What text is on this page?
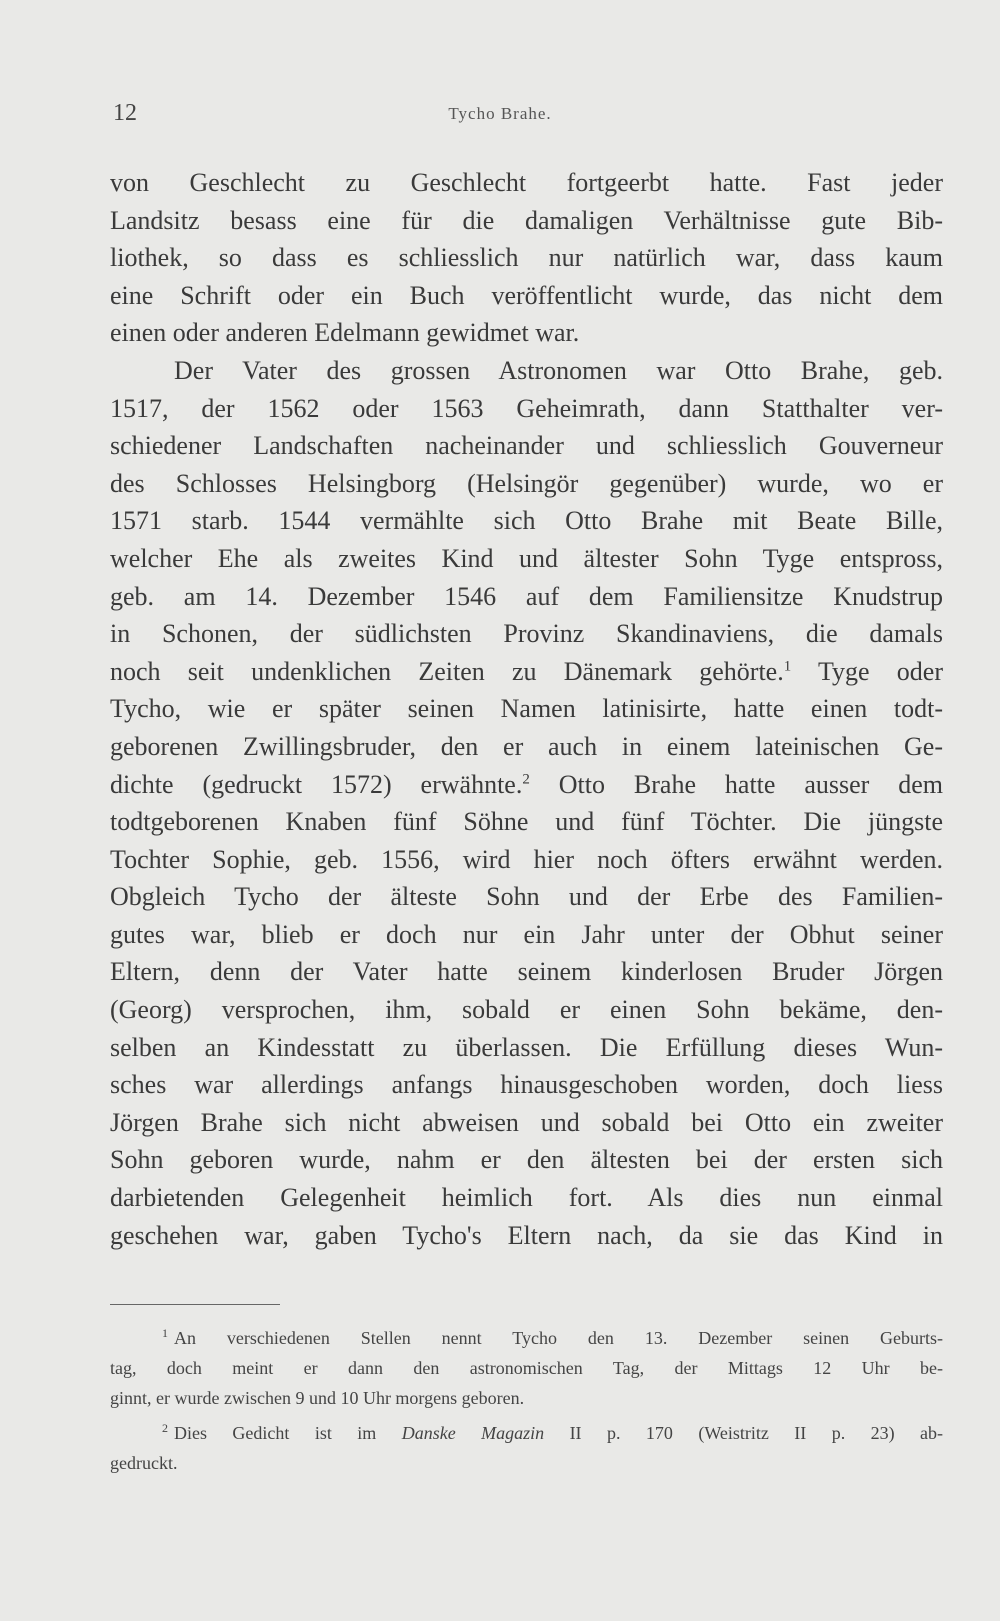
12	Tycho Brahe.

von Geschlecht zu Geschlecht fortgeerbt hatte. Fast jeder

Landsitz besass eine für die damaligen Verhältnisse gute Bib-

liothek, so dass es schliesslich nur natürlich war, dass kaum

eine Schrift oder ein Buch veröffentlicht wurde, das nicht dem

einen oder anderen Edelmann gewidmet war.

Der Vater des grossen Astronomen war Otto Brahe, geb.

1517, der 1562 oder 1563 Geheimrath, dann Statthalter ver-

schiedener Landschaften nacheinander und schliesslich Gouverneur

des Schlosses Helsingborg (Helsingör gegenüber) wurde, wo er

1571 starb. 1544 vermählte sich Otto Brahe mit Beate Bille,

welcher Ehe als zweites Kind und ältester Sohn Tyge entspross,

geb. am 14. Dezember 1546 auf dem Familiensitze Knudstrup

in Schonen, der südlichsten Provinz Skandinaviens, die damals

noch seit undenklichen Zeiten zu Dänemark gehörte.$^1$ Tyge oder

Tycho, wie er später seinen Namen latinisirte, hatte einen todt-

geborenen Zwillingsbruder, den er auch in einem lateinischen Ge-

dichte (gedruckt 1572) erwähnte.$^2$ Otto Brahe hatte ausser dem

todtgeborenen Knaben fünf Söhne und fünf Töchter. Die jüngste

Tochter Sophie, geb. 1556, wird hier noch öfters erwähnt werden.

Obgleich Tycho der älteste Sohn und der Erbe des Familien-

gutes war, blieb er doch nur ein Jahr unter der Obhut seiner

Eltern, denn der Vater hatte seinem kinderlosen Bruder Jörgen

(Georg) versprochen, ihm, sobald er einen Sohn bekäme, den-

selben an Kindesstatt zu überlassen. Die Erfüllung dieses Wun-

sches war allerdings anfangs hinausgeschoben worden, doch liess

Jörgen Brahe sich nicht abweisen und sobald bei Otto ein zweiter

Sohn geboren wurde, nahm er den ältesten bei der ersten sich

darbietenden Gelegenheit heimlich fort. Als dies nun einmal

geschehen war, gaben Tycho's Eltern nach, da sie das Kind in

$^1$ An verschiedenen Stellen nennt Tycho den 13. Dezember seinen Geburts-

tag, doch meint er dann den astronomischen Tag, der Mittags 12 Uhr be-

ginnt, er wurde zwischen 9 und 10 Uhr morgens geboren.

$^2$ Dies Gedicht ist im Danske Magazin II p. 170 (Weistritz II p. 23) ab-

gedruckt.
